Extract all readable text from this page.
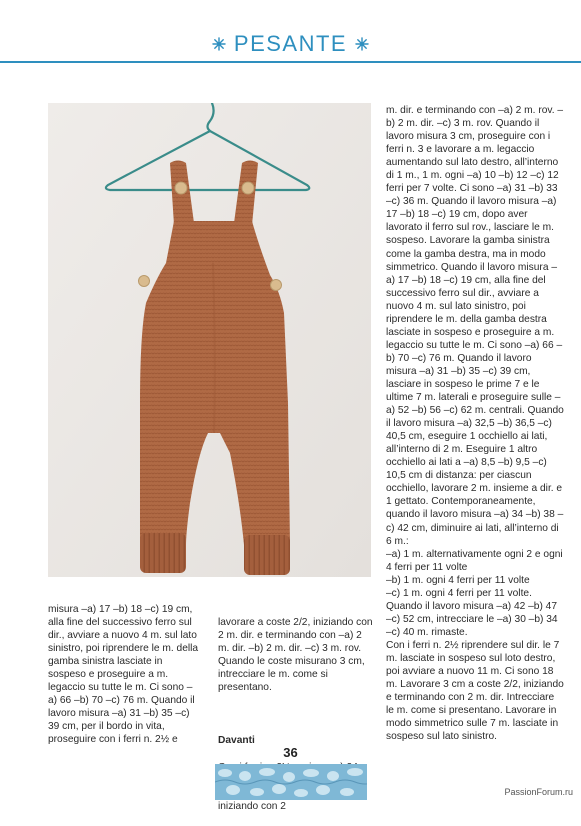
PESANTE
m. dir. e terminando con –a) 2 m. rov. –b) 2 m. dir. –c) 3 m. rov. Quando il lavoro misura 3 cm, proseguire con i ferri n. 3 e lavorare a m. legaccio aumentando sul lato destro, all’interno di 1 m., 1 m. ogni –a) 10 –b) 12 –c) 12 ferri per 7 volte. Ci sono –a) 31 –b) 33 –c) 36 m. Quando il lavoro misura –a) 17 –b) 18 –c) 19 cm, dopo aver lavorato il ferro sul rov., lasciare le m. sospeso. Lavorare la gamba sinistra come la gamba destra, ma in modo simmetrico. Quando il lavoro misura –a) 17 –b) 18 –c) 19 cm, alla fine del successivo ferro sul dir., avviare a nuovo 4 m. sul lato sinistro, poi riprendere le m. della gamba destra lasciate in sospeso e proseguire a m. legaccio su tutte le m. Ci sono –a) 66 –b) 70 –c) 76 m. Quando il lavoro misura –a) 31 –b) 35 –c) 39 cm, lasciare in sospeso le prime 7 e le ultime 7 m. laterali e proseguire sulle –a) 52 –b) 56 –c) 62 m. centrali. Quando il lavoro misura –a) 32,5 –b) 36,5 –c) 40,5 cm, eseguire 1 occhiello ai lati, all’interno di 2 m. Eseguire 1 altro occhiello ai lati a –a) 8,5 –b) 9,5 –c) 10,5 cm di distanza: per ciascun occhiello, lavorare 2 m. insieme a dir. e 1 gettato. Contemporaneamente, quando il lavoro misura –a) 34 –b) 38 –c) 42 cm, diminuire ai lati, all’interno di 6 m.:
–a) 1 m. alternativamente ogni 2 e ogni 4 ferri per 11 volte
–b) 1 m. ogni 4 ferri per 11 volte
–c) 1 m. ogni 4 ferri per 11 volte.
Quando il lavoro misura –a) 42 –b) 47 –c) 52 cm, intrecciare le –a) 30 –b) 34 –c) 40 m. rimaste.
Con i ferri n. 2½ riprendere sul dir. le 7 m. lasciate in sospeso sul loto destro, poi avviare a nuovo 11 m. Ci sono 18 m. Lavorare 3 cm a coste 2/2, iniziando e terminando con 2 m. dir. Intrecciare le m. come si presentano. Lavorare in modo simmetrico sulle 7 m. lasciate in sospeso sul lato sinistro.
misura –a) 17 –b) 18 –c) 19 cm, alla fine del successivo ferro sul dir., avviare a nuovo 4 m. sul lato sinistro, poi riprendere le m. della gamba sinistra lasciate in sospeso e proseguire a m. legaccio su tutte le m. Ci sono –a) 66 –b) 70 –c) 76 m. Quando il lavoro misura –a) 31 –b) 35 –c) 39 cm, per il bordo in vita, proseguire con i ferri n. 2½ e

lavorare a coste 2/2, iniziando con 2 m. dir. e terminando con –a) 2 m. dir. –b) 2 m. dir. –c) 3 m. rov. Quando le coste misurano 3 cm, intrecciare le m. come si presentano.

Davanti

iniziando con 2

36
PassionForum.ru
